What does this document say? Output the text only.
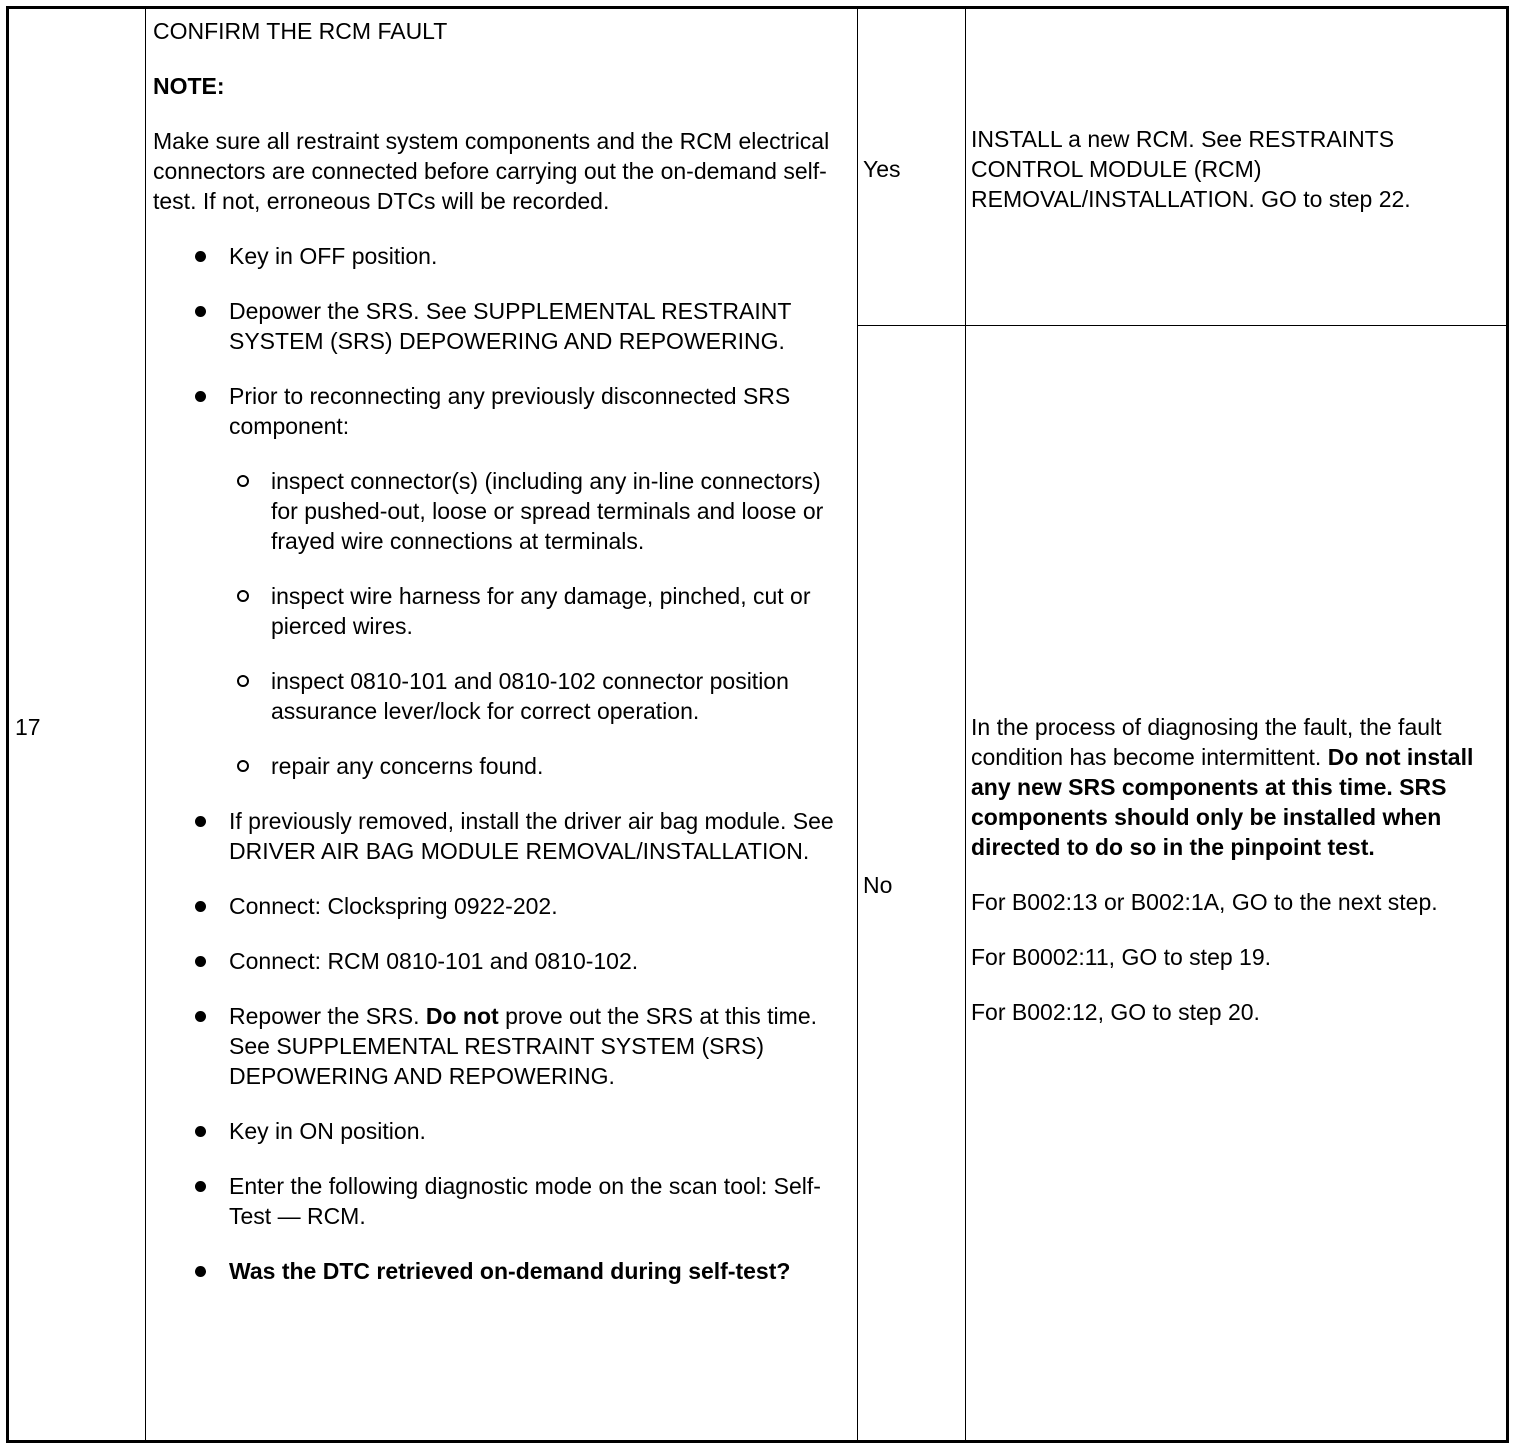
17

CONFIRM THE RCM FAULT

NOTE:

Make sure all restraint system components and the RCM electrical connectors are connected before carrying out the on-demand self-test. If not, erroneous DTCs will be recorded.

Key in OFF position.
Depower the SRS. See SUPPLEMENTAL RESTRAINT SYSTEM (SRS) DEPOWERING AND REPOWERING.
Prior to reconnecting any previously disconnected SRS component:
inspect connector(s) (including any in-line connectors) for pushed-out, loose or spread terminals and loose or frayed wire connections at terminals.
inspect wire harness for any damage, pinched, cut or pierced wires.
inspect 0810-101 and 0810-102 connector position assurance lever/lock for correct operation.
repair any concerns found.
If previously removed, install the driver air bag module. See DRIVER AIR BAG MODULE REMOVAL/INSTALLATION.
Connect: Clockspring 0922-202.
Connect: RCM 0810-101 and 0810-102.
Repower the SRS. Do not prove out the SRS at this time. See SUPPLEMENTAL RESTRAINT SYSTEM (SRS) DEPOWERING AND REPOWERING.
Key in ON position.
Enter the following diagnostic mode on the scan tool: Self-Test — RCM.
Was the DTC retrieved on-demand during self-test?
Yes
No
INSTALL a new RCM. See RESTRAINTS CONTROL MODULE (RCM) REMOVAL/INSTALLATION. GO to step 22.

In the process of diagnosing the fault, the fault condition has become intermittent. Do not install any new SRS components at this time. SRS components should only be installed when directed to do so in the pinpoint test.

For B002:13 or B002:1A, GO to the next step.

For B0002:11, GO to step 19.

For B002:12, GO to step 20.
